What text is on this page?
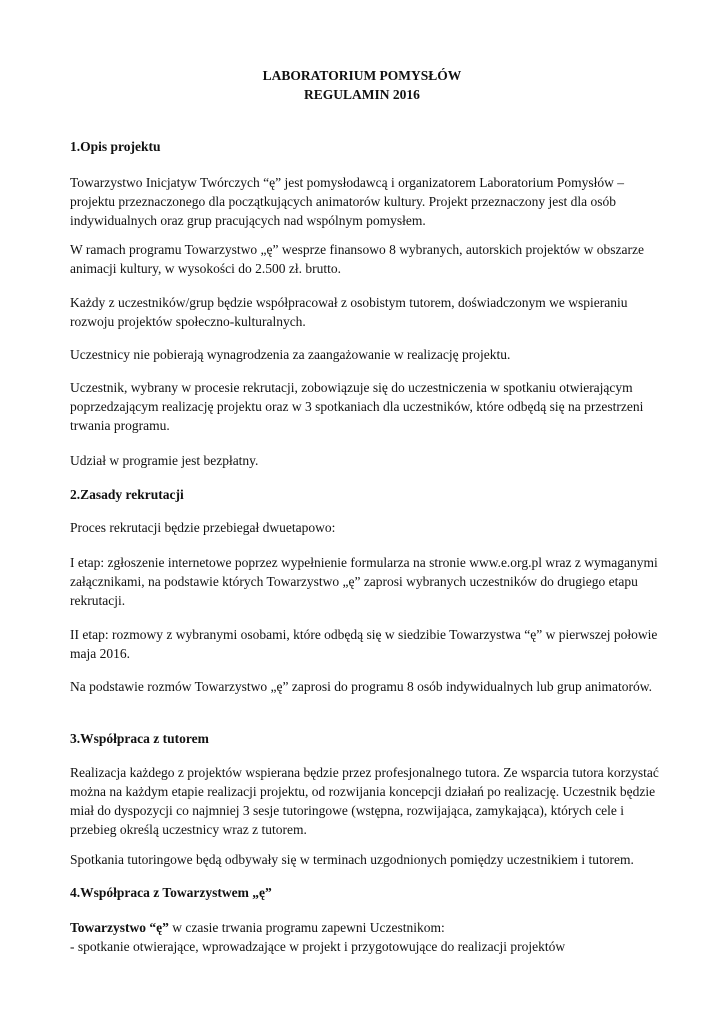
LABORATORIUM POMYSŁÓW
REGULAMIN 2016
1.Opis projektu
Towarzystwo Inicjatyw Twórczych “ę” jest pomysłodawcą i organizatorem Laboratorium Pomysłów –
projektu przeznaczonego dla początkujących animatorów kultury. Projekt przeznaczony jest dla osób
indywidualnych oraz grup pracujących nad wspólnym pomysłem.
W ramach programu Towarzystwo „ę” wesprze finansowo 8 wybranych, autorskich projektów w obszarze
animacji kultury, w wysokości do 2.500 zł. brutto.
Każdy z uczestników/grup będzie współpracował z osobistym tutorem, doświadczonym we wspieraniu
rozwoju projektów społeczno-kulturalnych.
Uczestnicy nie pobierają wynagrodzenia za zaangażowanie w realizację projektu.
Uczestnik, wybrany w procesie rekrutacji, zobowiązuje się do uczestniczenia w spotkaniu otwierającym
poprzedzającym realizację projektu oraz w 3 spotkaniach dla uczestników, które odbędą się na przestrzeni
trwania programu.
Udział w programie jest bezpłatny.
2.Zasady rekrutacji
Proces rekrutacji będzie przebiegał dwuetapowo:
I etap: zgłoszenie internetowe poprzez wypełnienie formularza na stronie www.e.org.pl wraz z wymaganymi
załącznikami, na podstawie których Towarzystwo „ę” zaprosi wybranych uczestników do drugiego etapu
rekrutacji.
II etap: rozmowy z wybranymi osobami, które odbędą się w siedzibie Towarzystwa “ę” w pierwszej połowie
maja 2016.
Na podstawie rozmów Towarzystwo „ę” zaprosi do programu 8 osób indywidualnych lub grup animatorów.
3.Współpraca z tutorem
Realizacja każdego z projektów wspierana będzie przez profesjonalnego tutora. Ze wsparcia tutora korzystać
można na każdym etapie realizacji projektu, od rozwijania koncepcji działań po realizację. Uczestnik będzie
miał do dyspozycji co najmniej 3 sesje tutoringowe (wstępna, rozwijająca, zamykająca), których cele i
przebieg określą uczestnicy wraz z tutorem.
Spotkania tutoringowe będą odbywały się w terminach uzgodnionych pomiędzy uczestnikiem i tutorem.
4.Współpraca z Towarzystwem „ę”
Towarzystwo “ę” w czasie trwania programu zapewni Uczestnikom:
- spotkanie otwierające, wprowadzające w projekt i przygotowujące do realizacji projektów
